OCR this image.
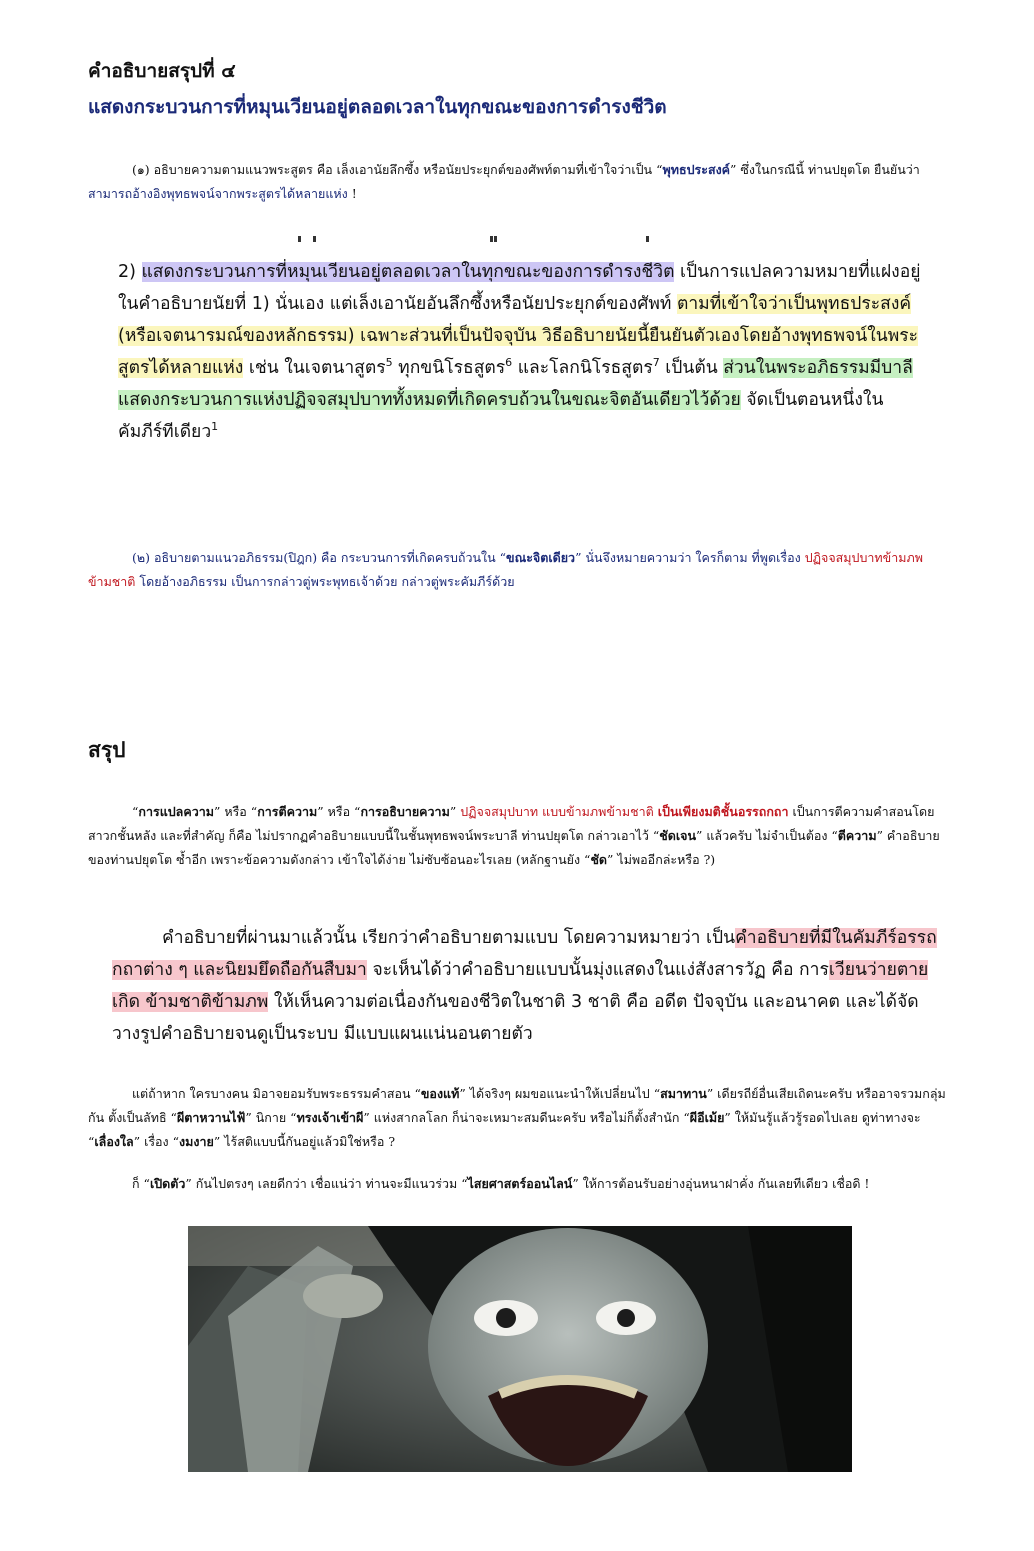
คำอธิบายสรุปที่ ๔
แสดงกระบวนการที่หมุนเวียนอยู่ตลอดเวลาในทุกขณะของการดำรงชีวิต
(๑) อธิบายความตามแนวพระสูตร คือ เล็งเอานัยลึกซึ้ง หรือนัยประยุกต์ของศัพท์ตามที่เข้าใจว่าเป็น “พุทธประสงค์” ซึ่งในกรณีนี้ ท่านปยุตโต ยืนยันว่า สามารถอ้างอิงพุทธพจน์จากพระสูตรได้หลายแห่ง !
2) แสดงกระบวนการที่หมุนเวียนอยู่ตลอดเวลาในทุกขณะของการดำรงชีวิต เป็นการแปลความหมายที่แฝงอยู่ในคำอธิบายนัยที่ 1) นั่นเอง แต่เล็งเอานัยอันลึกซึ้งหรือนัยประยุกต์ของศัพท์ ตามที่เข้าใจว่าเป็นพุทธประสงค์ (หรือเจตนารมณ์ของหลักธรรม) เฉพาะส่วนที่เป็นปัจจุบัน วิธีอธิบายนัยนี้ยืนยันตัวเองโดยอ้างพุทธพจน์ในพระสูตรได้หลายแห่ง เช่น ในเจตนาสูตร$^5$ ทุกขนิโรธสูตร$^6$ และโลกนิโรธสูตร$^7$ เป็นต้น ส่วนในพระอภิธรรมมีบาลีแสดงกระบวนการแห่งปฏิจจสมุปบาททั้งหมดที่เกิดครบถ้วนในขณะจิตอันเดียวไว้ด้วย จัดเป็นตอนหนึ่งในคัมภีร์ทีเดียว$^1$
(๒) อธิบายตามแนวอภิธรรม(ปิฎก) คือ กระบวนการที่เกิดครบถ้วนใน “ขณะจิตเดียว” นั่นจึงหมายความว่า ใครก็ตาม ที่พูดเรื่อง ปฏิจจสมุปบาทข้ามภพข้ามชาติ โดยอ้างอภิธรรม เป็นการกล่าวตู่พระพุทธเจ้าด้วย กล่าวตู่พระคัมภีร์ด้วย
สรุป
“การแปลความ” หรือ “การตีความ” หรือ “การอธิบายความ” ปฏิจจสมุปบาท แบบข้ามภพข้ามชาติ เป็นเพียงมติชั้นอรรถกถา เป็นการตีความคำสอนโดยสาวกชั้นหลัง และที่สำคัญ ก็คือ ไม่ปรากฏคำอธิบายแบบนี้ในชั้นพุทธพจน์พระบาลี ท่านปยุตโต กล่าวเอาไว้ “ชัดเจน” แล้วครับ ไม่จำเป็นต้อง “ตีความ” คำอธิบายของท่านปยุตโต ซ้ำอีก เพราะข้อความดังกล่าว เข้าใจได้ง่าย ไม่ซับซ้อนอะไรเลย (หลักฐานยัง “ชัด” ไม่พออีกล่ะหรือ ?)
คำอธิบายที่ผ่านมาแล้วนั้น เรียกว่าคำอธิบายตามแบบ โดยความหมายว่า เป็นคำอธิบายที่มีในคัมภีร์อรรถกถาต่าง ๆ และนิยมยึดถือกันสืบมา จะเห็นได้ว่าคำอธิบายแบบนั้นมุ่งแสดงในแง่สังสารวัฏ คือ การเวียนว่ายตายเกิด ข้ามชาติข้ามภพ ให้เห็นความต่อเนื่องกันของชีวิตในชาติ 3 ชาติ คือ อดีต ปัจจุบัน และอนาคต และได้จัดวางรูปคำอธิบายจนดูเป็นระบบ มีแบบแผนแน่นอนตายตัว
แต่ถ้าหาก ใครบางคน มิอาจยอมรับพระธรรมคำสอน “ของแท้” ได้จริงๆ ผมขอแนะนำให้เปลี่ยนไป “สมาทาน” เดียรถีย์อื่นเสียเถิดนะครับ หรืออาจรวมกลุ่มกัน ตั้งเป็นลัทธิ “ผีตาหวานไฟ้” นิกาย “ทรงเจ้าเข้าผี” แห่งสากลโลก ก็น่าจะเหมาะสมดีนะครับ หรือไม่ก็ตั้งสำนัก “ผีอีเม้ย” ให้มันรู้แล้วรู้รอดไปเลย ดูท่าทางจะ “เลื่องใล” เรื่อง “งมงาย” ไร้สติแบบนี้กันอยู่แล้วมิใช่หรือ ?
ก็ “เปิดตัว” กันไปตรงๆ เลยดีกว่า เชื่อแน่ว่า ท่านจะมีแนวร่วม “ไสยศาสตร์ออนไลน์” ให้การต้อนรับอย่างอุ่นหนาฝาคั่ง กันเลยทีเดียว เชื่อดิ !
